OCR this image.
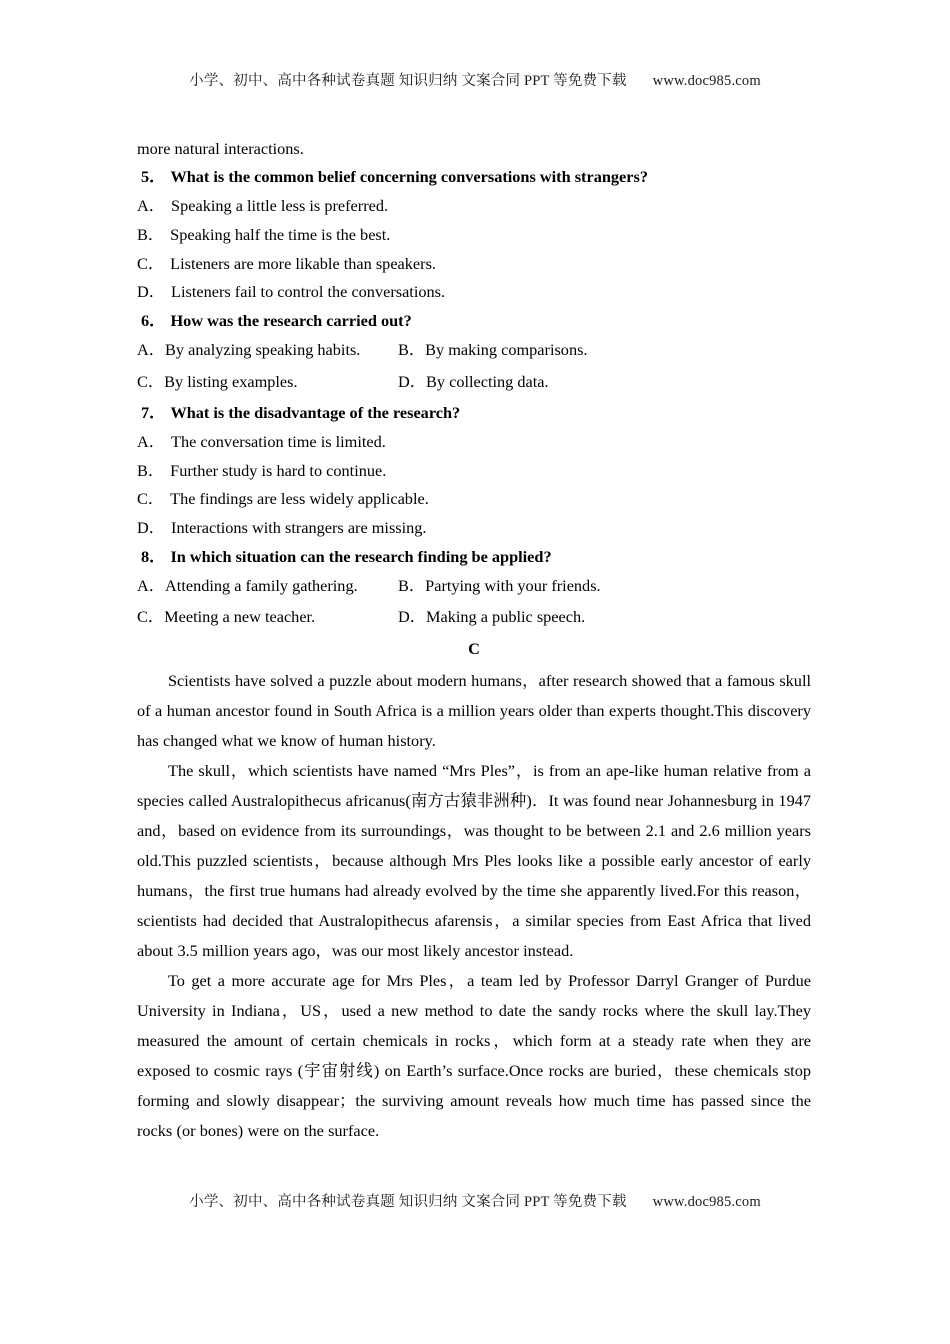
小学、初中、高中各种试卷真题 知识归纳 文案合同 PPT 等免费下载 www.doc985.com

more natural interactions.

5． What is the common belief concerning conversations with strangers?

A． Speaking a little less is preferred.

B． Speaking half the time is the best.

C． Listeners are more likable than speakers.

D． Listeners fail to control the conversations.

6． How was the research carried out?

A．By analyzing speaking habits. B．By making comparisons.
C．By listing examples.	D．By collecting data.

7． What is the disadvantage of the research?

A． The conversation time is limited.

B． Further study is hard to continue.

C． The findings are less widely applicable.

D． Interactions with strangers are missing.

8． In which situation can the research finding be applied?

A．Attending a family gathering. B．Partying with your friends.
C．Meeting a new teacher.	D．Making a public speech.

C

Scientists have solved a puzzle about modern humans，after research showed that a famous skull of a human ancestor found in South Africa is a million years older than experts thought.This discovery has changed what we know of human history.

The skull，which scientists have named “Mrs Ples”，is from an ape-like human relative from a species called Australopithecus africanus(南方古猿非洲种)．It was found near Johannesburg in 1947 and，based on evidence from its surroundings，was thought to be between 2.1 and 2.6 million years old.This puzzled scientists，because although Mrs Ples looks like a possible early ancestor of early humans，the first true humans had already evolved by the time she apparently lived.For this reason，scientists had decided that Australopithecus afarensis，a similar species from East Africa that lived about 3.5 million years ago，was our most likely ancestor instead.

To get a more accurate age for Mrs Ples，a team led by Professor Darryl Granger of Purdue University in Indiana，US，used a new method to date the sandy rocks where the skull lay.They measured the amount of certain chemicals in rocks，which form at a steady rate when they are exposed to cosmic rays (宇宙射线) on Earth’s surface.Once rocks are buried，these chemicals stop forming and slowly disappear；the surviving amount reveals how much time has passed since the rocks (or bones) were on the surface.

小学、初中、高中各种试卷真题 知识归纳 文案合同 PPT 等免费下载 www.doc985.com
